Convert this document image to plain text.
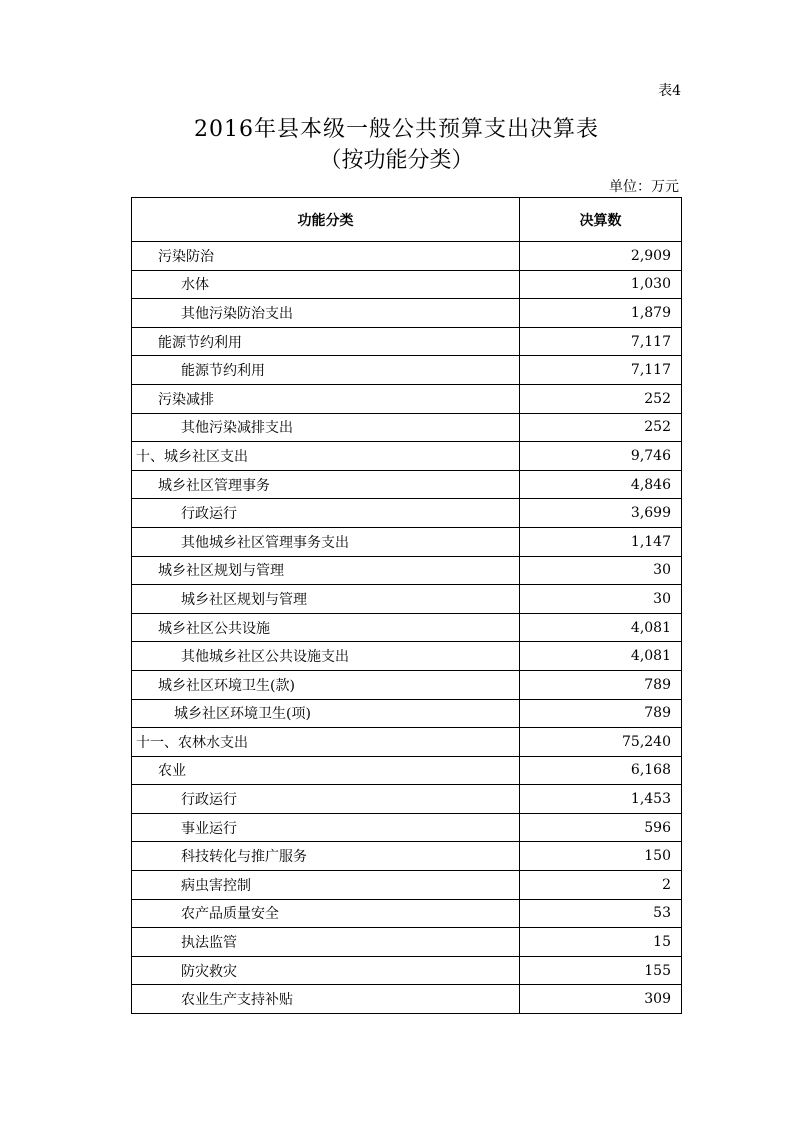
表4
2016年县本级一般公共预算支出决算表
（按功能分类）
单位：万元
功能分类	决算数
污染防治	2,909
水体	1,030
其他污染防治支出	1,879
能源节约利用	7,117
能源节约利用	7,117
污染减排	252
其他污染减排支出	252
十、城乡社区支出	9,746
城乡社区管理事务	4,846
行政运行	3,699
其他城乡社区管理事务支出	1,147
城乡社区规划与管理	30
城乡社区规划与管理	30
城乡社区公共设施	4,081
其他城乡社区公共设施支出	4,081
城乡社区环境卫生(款)	789
城乡社区环境卫生(项)	789
十一、农林水支出	75,240
农业	6,168
行政运行	1,453
事业运行	596
科技转化与推广服务	150
病虫害控制	2
农产品质量安全	53
执法监管	15
防灾救灾	155
农业生产支持补贴	309
